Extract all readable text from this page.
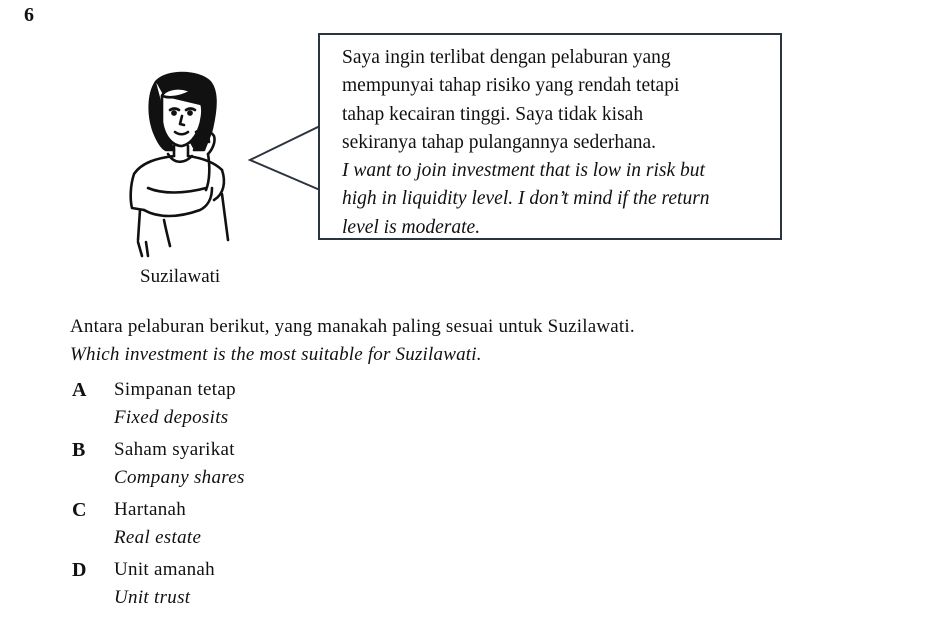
6
Suzilawati
Saya ingin terlibat dengan pelaburan yang
mempunyai tahap risiko yang rendah tetapi
tahap kecairan tinggi. Saya tidak kisah
sekiranya tahap pulangannya sederhana.
I want to join investment that is low in risk but
high in liquidity level. I don’t mind if the return
level is moderate.
Antara pelaburan berikut, yang manakah paling sesuai untuk Suzilawati.
Which investment is the most suitable for Suzilawati.
A Simpanan tetap
Fixed deposits
B Saham syarikat
Company shares
C Hartanah
Real estate
D Unit amanah
Unit trust
